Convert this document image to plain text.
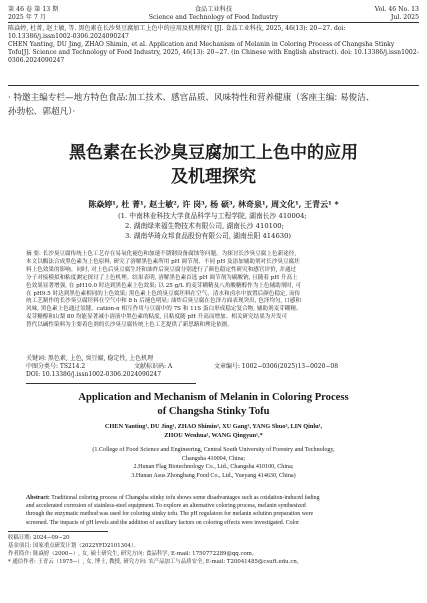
第 46 卷 第 13 期
2025 年 7 月
食品工业科技
Science and Technology of Food Industry
Vol. 46 No. 13
Jul. 2025

陈焱婷, 杜菁, 赵士敏, 等. 黑色素在长沙臭豆腐加工上色中的应用及机理探究 [J]. 食品工业科技, 2025, 46(13): 20−27. doi:

10.13386/j.issn1002-0306.2024090247

CHEN Yanting, DU Jing, ZHAO Shimin, et al. Application and Mechanism of Melanin in Coloring Process of Changsha Stinky

Tofu[J]. Science and Technology of Food Industry, 2025, 46(13): 20−27. (in Chinese with English abstract). doi: 10.13386/j.issn1002-

0306.2024090247

· 特邀主编专栏—地方特色食品:加工技术、感官品质、风味特性和营养健康（客座主编: 易俊洁、

孙勃松、郭超凡）·

黑色素在长沙臭豆腐加工上色中的应用

及机理探究

陈焱婷¹, 杜 菁¹, 赵士敏², 许 岗³, 杨 硕³, 林奇泉¹, 周文化¹, 王青云¹ *

(1. 中南林业科技大学食品科学与工程学院, 湖南长沙 410004;

2. 湖南绿来福生物技术有限公司, 湖南长沙 410100;

3. 湖南华琦众邦食品股份有限公司, 湖南岳阳 414630)

摘 要: 长沙臭豆腐传统上色工艺存在易氧化褪色和加速不锈钢设备腐蚀等问题。为探讨长沙臭豆腐上色新途径,

本文以酶法合成黑色素为上色原料, 研究了溶解黑色素所用 pH 调节剂、不同 pH 及添加辅助剂对长沙臭豆腐坯

料上色效果的影响。同时, 对上色后臭豆腐生坯和油炸后臭豆腐分别进行了颜色稳定性研究和感官评价, 并通过

分子对接模拟和粘度测定探讨了上色机理。结果表明, 溶解黑色素首选 pH 调节剂为碳酸钠, 且随着 pH 升高上

色效果显著增强, 在 pH10.0 时达到黑色素上色效果; 以 25 g/L 的麦芽糊精及八角酸糖醇作为上色辅助剂时, 可

在 pH9.5 时达到黑色素相同的上色效果; 黑色素上色的臭豆腐坯料在空气、清水和卤水中放置后颜色稳定, 而传

统工艺制作的长沙臭豆腐坯料在空气中和 8 h 后褪色明显; 油炸后臭豆腐在色泽方面表现突出, 色泽均匀, 口感和

风味, 黑色素上色通过氢键、cation-π 相互作用与豆腐中的 7S 和 11S 蛋白形成稳定复合物, 辅助剂麦芽糊精、

麦芽糖醇和山梨 80 均能显著减小溶液中黑色素的粘度, 且粘度随 pH 升高而增加。相关研究结果为开发可

替代以碱性染料为主要着色剂的长沙臭豆腐传统上色工艺提供了新思路和理论依据。

关键词: 黑色素, 上色, 臭豆腐, 稳定性, 上色机理
中图分类号: TS214.2	文献标识码: A	文章编号: 1002−0306(2025)13−0020−08
DOI: 10.13386/j.issn1002-0306.2024090247

Application and Mechanism of Melanin in Coloring Process

of Changsha Stinky Tofu

CHEN Yanting¹, DU Jing¹, ZHAO Shimin², XU Gang³, YANG Shuo³, LIN Qinlu¹,

ZHOU Wenhua¹, WANG Qingyun¹,*

(1.College of Food Science and Engineering, Central South University of Forestry and Technology,

Changsha 410004, China;

2.Hunan Flag Biotechnology Co., Ltd., Changsha 410100, China;

3.Hunan Asus Zhongbang Food Co., Ltd., Yueyang 414630, China)

Abstract: Traditional coloring process of Changsha stinky tofu shows some disadvantages such as oxidation-induced fading

and accelerated corrosion of stainless-steel equipment. To explore an alternative coloring process, melanin synthesized

through the enzymatic method was used for coloring stinky tofu. The pH regulators for melanin solution preparation were

screened. The impacts of pH levels and the addition of auxiliary factors on coloring effects were investigated. Color

收稿日期: 2024−09−20

基金项目: 国家重点研发计划（2022YFD2101304）。

作者简介: 陈焱婷（2000−）, 女, 硕士研究生, 研究方向: 食品科学, E-mail: 1750772289@qq.com。

* 通信作者: 王青云（1975−）, 女, 博士, 教授, 研究方向: 农产品加工与品质安全, E-mail: T20041485@csuft.edu.cn。
